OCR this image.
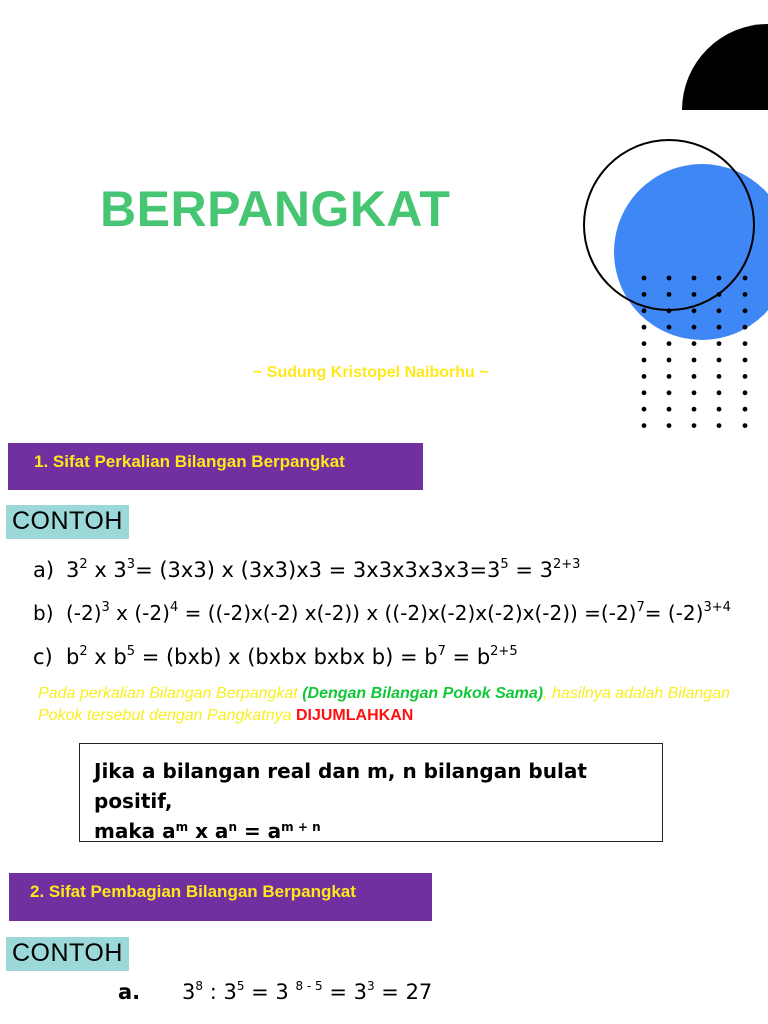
BERPANGKAT
~ Sudung Kristopel Naiborhu ~
1. Sifat Perkalian Bilangan Berpangkat
CONTOH
a) $3^2$ x $3^3= (3x3)$ x $(3x3)x3 = 3x3x3x3x3=3^5 = 3^{2+3}$
b) $(-2)^3$ x $(-2)^4 = ((-2)x(-2)$ x(-2)) x $((-2)x(-2)x(-2)x(-2)) =(-2)^7= (-2)^{3+4}$
c) $b^2$ x $b^5 = (bxb)$ x (bxbx bxbx $b) = b^7 = b^{2+5}$
Pada perkalian Bilangan Berpangkat (Dengan Bilangan Pokok Sama), hasilnya adalah Bilangan Pokok tersebut dengan Pangkatnya DIJUMLAHKAN
Jika a bilangan real dan m, n bilangan bulat positif,
maka $a^m$ x $a^n = a^{m + n}$
2. Sifat Pembagian Bilangan Berpangkat
CONTOH
a. $3^8$ : $3^5 = 3$ $^{8 - 5} = 3^3 = 27$
